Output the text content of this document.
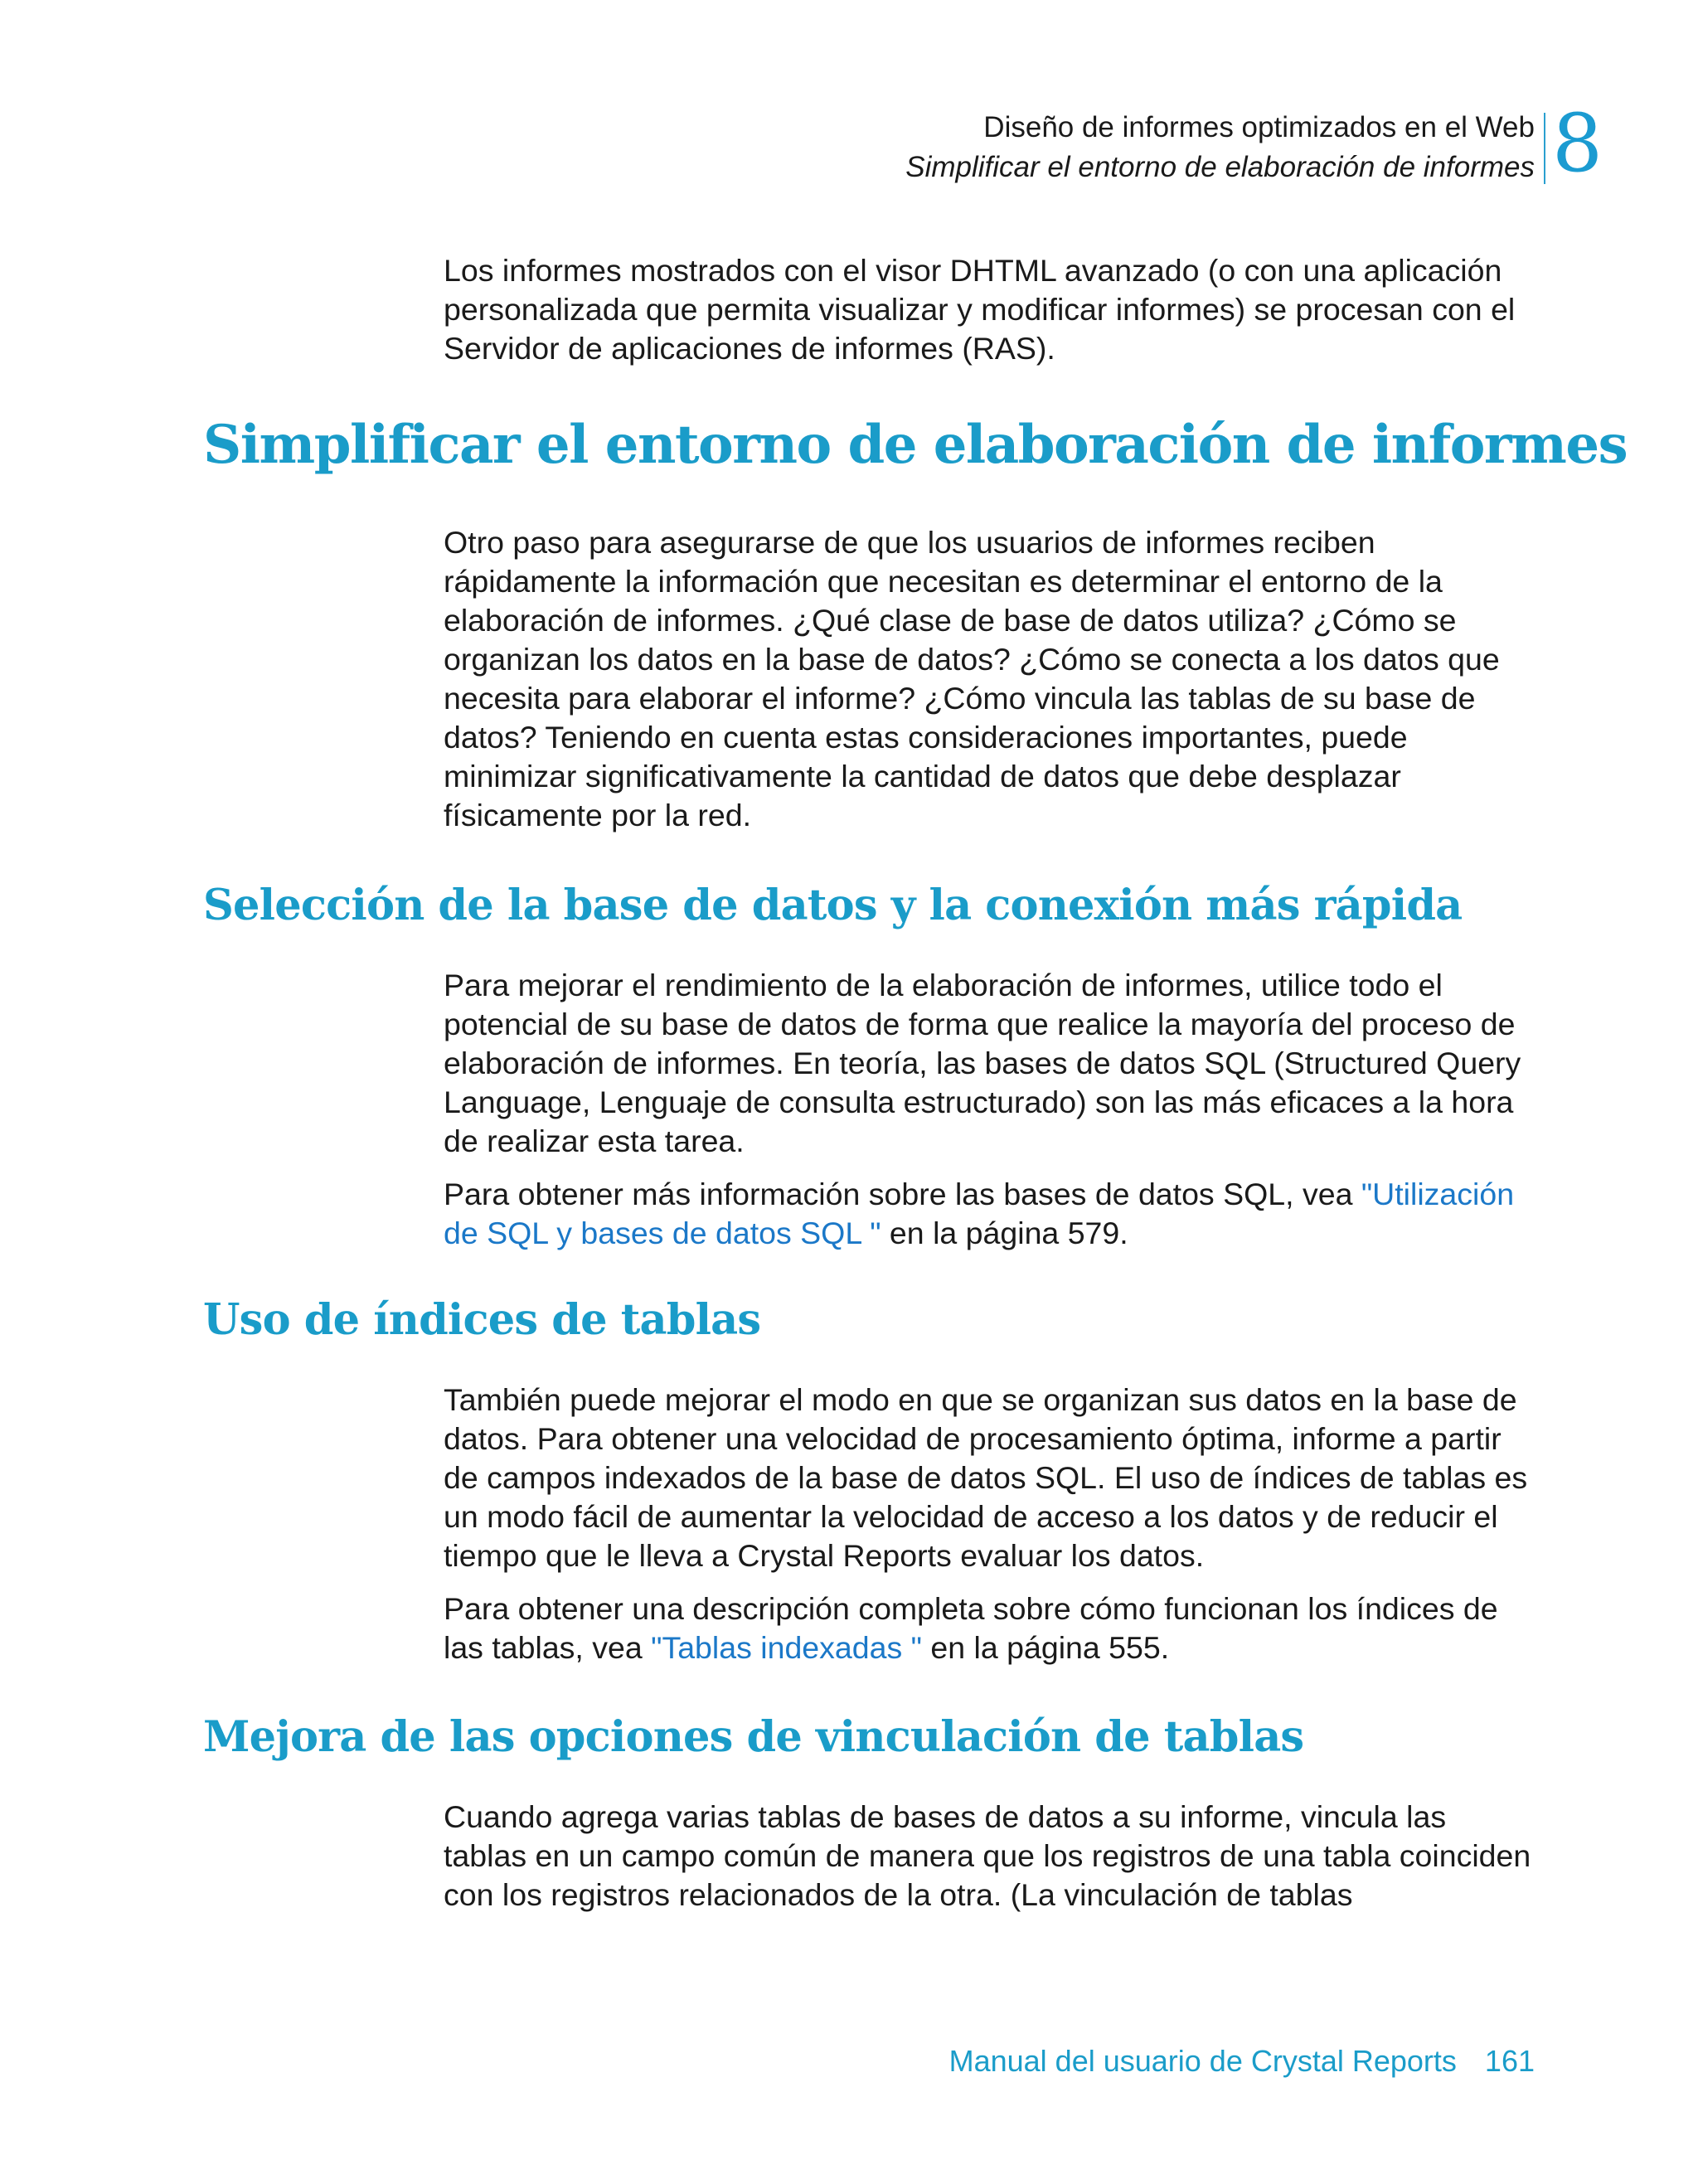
Diseño de informes optimizados en el Web
Simplificar el entorno de elaboración de informes 8

Los informes mostrados con el visor DHTML avanzado (o con una aplicación personalizada que permita visualizar y modificar informes) se procesan con el Servidor de aplicaciones de informes (RAS).

Simplificar el entorno de elaboración de informes

Otro paso para asegurarse de que los usuarios de informes reciben rápidamente la información que necesitan es determinar el entorno de la elaboración de informes. ¿Qué clase de base de datos utiliza? ¿Cómo se organizan los datos en la base de datos? ¿Cómo se conecta a los datos que necesita para elaborar el informe? ¿Cómo vincula las tablas de su base de datos? Teniendo en cuenta estas consideraciones importantes, puede minimizar significativamente la cantidad de datos que debe desplazar físicamente por la red.

Selección de la base de datos y la conexión más rápida

Para mejorar el rendimiento de la elaboración de informes, utilice todo el potencial de su base de datos de forma que realice la mayoría del proceso de elaboración de informes. En teoría, las bases de datos SQL (Structured Query Language, Lenguaje de consulta estructurado) son las más eficaces a la hora de realizar esta tarea.

Para obtener más información sobre las bases de datos SQL, vea "Utilización de SQL y bases de datos SQL " en la página 579.

Uso de índices de tablas

También puede mejorar el modo en que se organizan sus datos en la base de datos. Para obtener una velocidad de procesamiento óptima, informe a partir de campos indexados de la base de datos SQL. El uso de índices de tablas es un modo fácil de aumentar la velocidad de acceso a los datos y de reducir el tiempo que le lleva a Crystal Reports evaluar los datos.

Para obtener una descripción completa sobre cómo funcionan los índices de las tablas, vea "Tablas indexadas " en la página 555.

Mejora de las opciones de vinculación de tablas

Cuando agrega varias tablas de bases de datos a su informe, vincula las tablas en un campo común de manera que los registros de una tabla coinciden con los registros relacionados de la otra. (La vinculación de tablas

Manual del usuario de Crystal Reports 161
